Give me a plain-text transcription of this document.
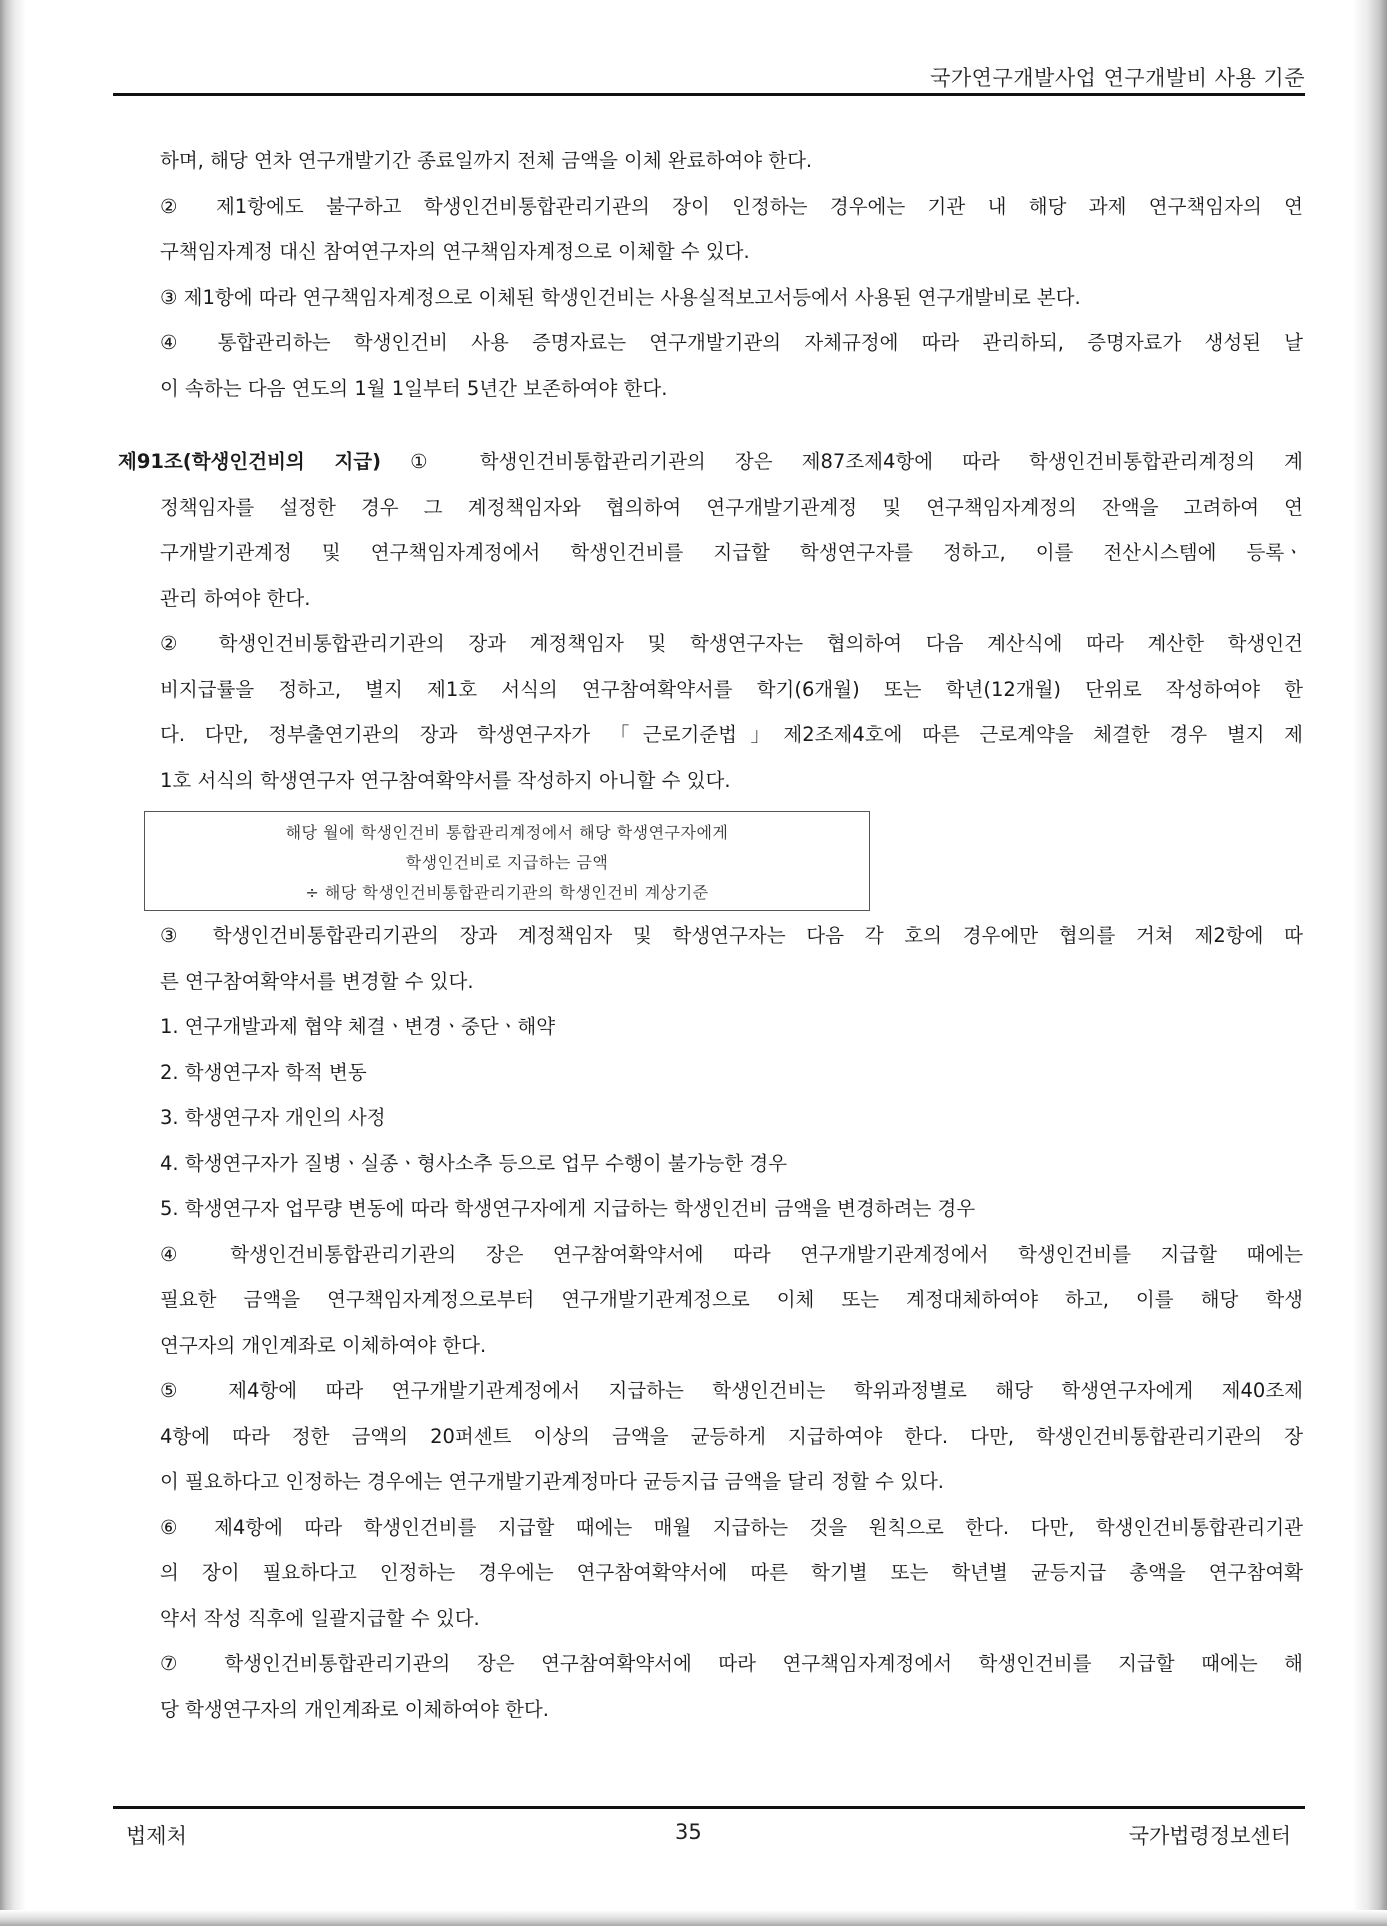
국가연구개발사업 연구개발비 사용 기준
하며, 해당 연차 연구개발기간 종료일까지 전체 금액을 이체 완료하여야 한다.
② 제1항에도 불구하고 학생인건비통합관리기관의 장이 인정하는 경우에는 기관 내 해당 과제 연구책임자의 연
구책임자계정 대신 참여연구자의 연구책임자계정으로 이체할 수 있다.
③ 제1항에 따라 연구책임자계정으로 이체된 학생인건비는 사용실적보고서등에서 사용된 연구개발비로 본다.
④ 통합관리하는 학생인건비 사용 증명자료는 연구개발기관의 자체규정에 따라 관리하되, 증명자료가 생성된 날
이 속하는 다음 연도의 1월 1일부터 5년간 보존하여야 한다.
제91조(학생인건비의 지급) ① 학생인건비통합관리기관의 장은 제87조제4항에 따라 학생인건비통합관리계정의 계
정책임자를 설정한 경우 그 계정책임자와 협의하여 연구개발기관계정 및 연구책임자계정의 잔액을 고려하여 연
구개발기관계정 및 연구책임자계정에서 학생인건비를 지급할 학생연구자를 정하고, 이를 전산시스템에 등록ㆍ
관리 하여야 한다.
② 학생인건비통합관리기관의 장과 계정책임자 및 학생연구자는 협의하여 다음 계산식에 따라 계산한 학생인건
비지급률을 정하고, 별지 제1호 서식의 연구참여확약서를 학기(6개월) 또는 학년(12개월) 단위로 작성하여야 한
다. 다만, 정부출연기관의 장과 학생연구자가 「근로기준법」제2조제4호에 따른 근로계약을 체결한 경우 별지 제
1호 서식의 학생연구자 연구참여확약서를 작성하지 아니할 수 있다.
해당 월에 학생인건비 통합관리계정에서 해당 학생연구자에게
학생인건비로 지급하는 금액
÷ 해당 학생인건비통합관리기관의 학생인건비 계상기준
③ 학생인건비통합관리기관의 장과 계정책임자 및 학생연구자는 다음 각 호의 경우에만 협의를 거쳐 제2항에 따
른 연구참여확약서를 변경할 수 있다.
1. 연구개발과제 협약 체결ㆍ변경ㆍ중단ㆍ해약
2. 학생연구자 학적 변동
3. 학생연구자 개인의 사정
4. 학생연구자가 질병ㆍ실종ㆍ형사소추 등으로 업무 수행이 불가능한 경우
5. 학생연구자 업무량 변동에 따라 학생연구자에게 지급하는 학생인건비 금액을 변경하려는 경우
④ 학생인건비통합관리기관의 장은 연구참여확약서에 따라 연구개발기관계정에서 학생인건비를 지급할 때에는
필요한 금액을 연구책임자계정으로부터 연구개발기관계정으로 이체 또는 계정대체하여야 하고, 이를 해당 학생
연구자의 개인계좌로 이체하여야 한다.
⑤ 제4항에 따라 연구개발기관계정에서 지급하는 학생인건비는 학위과정별로 해당 학생연구자에게 제40조제
4항에 따라 정한 금액의 20퍼센트 이상의 금액을 균등하게 지급하여야 한다. 다만, 학생인건비통합관리기관의 장
이 필요하다고 인정하는 경우에는 연구개발기관계정마다 균등지급 금액을 달리 정할 수 있다.
⑥ 제4항에 따라 학생인건비를 지급할 때에는 매월 지급하는 것을 원칙으로 한다. 다만, 학생인건비통합관리기관
의 장이 필요하다고 인정하는 경우에는 연구참여확약서에 따른 학기별 또는 학년별 균등지급 총액을 연구참여확
약서 작성 직후에 일괄지급할 수 있다.
⑦ 학생인건비통합관리기관의 장은 연구참여확약서에 따라 연구책임자계정에서 학생인건비를 지급할 때에는 해
당 학생연구자의 개인계좌로 이체하여야 한다.
법제처	35	국가법령정보센터
